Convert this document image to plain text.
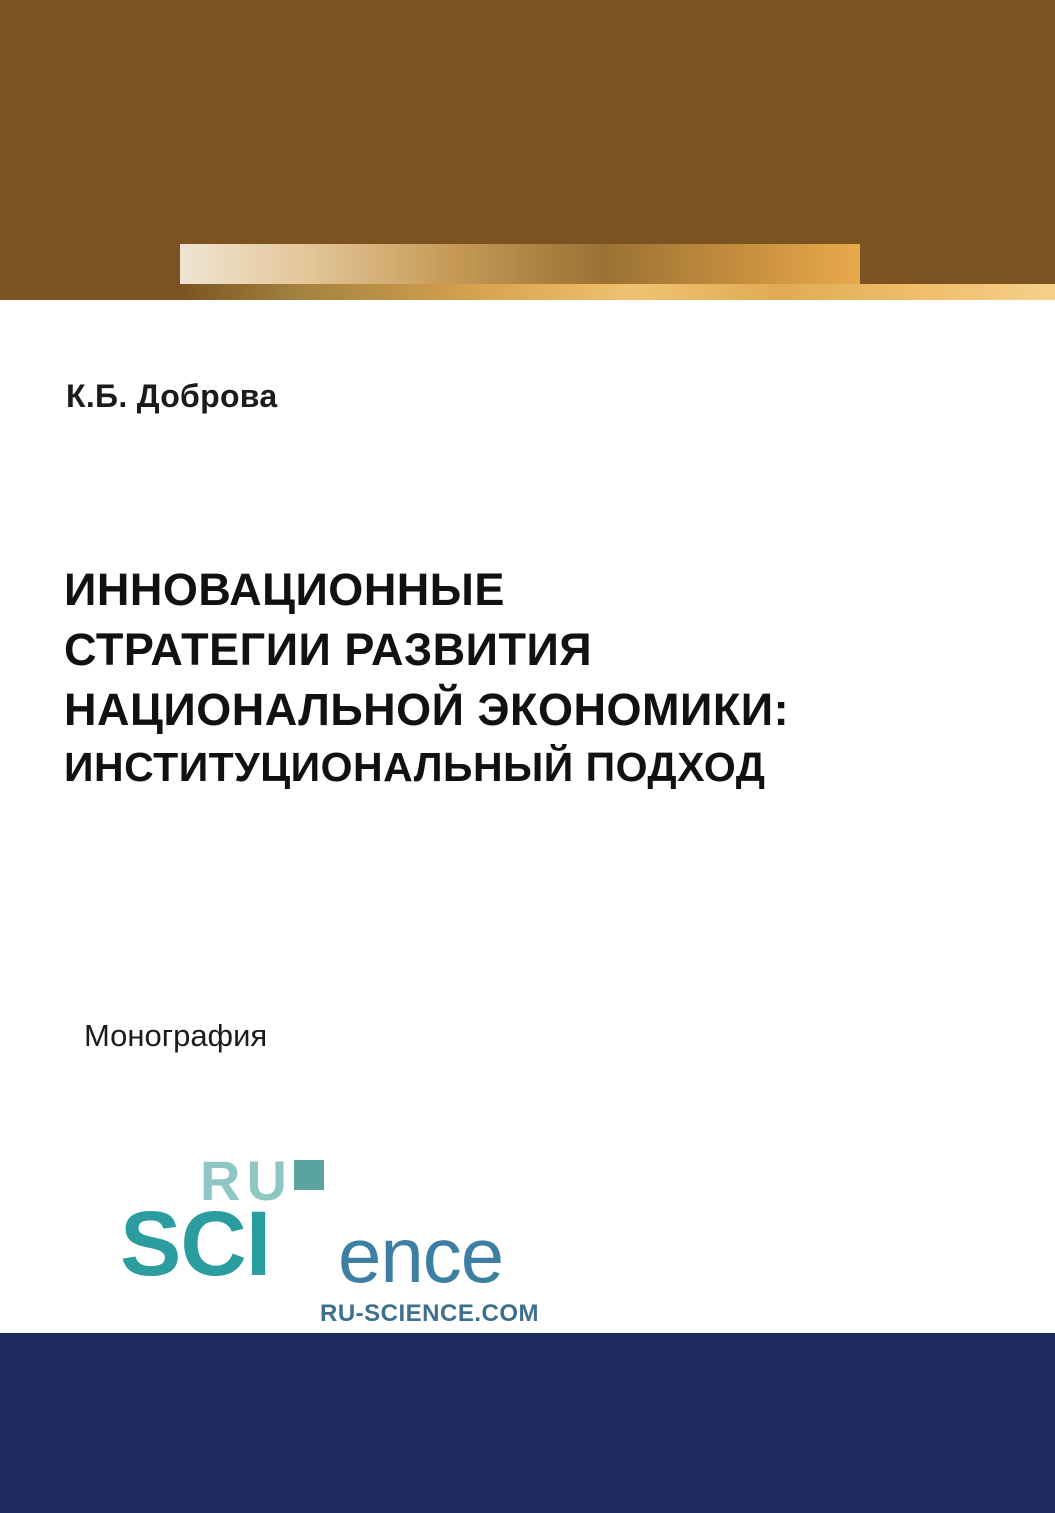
К.Б. Доброва
ИННОВАЦИОННЫЕ
СТРАТЕГИИ РАЗВИТИЯ
НАЦИОНАЛЬНОЙ ЭКОНОМИКИ:
ИНСТИТУЦИОНАЛЬНЫЙ ПОДХОД
Монография
RU
SCI ence
RU-SCIENCE.COM
